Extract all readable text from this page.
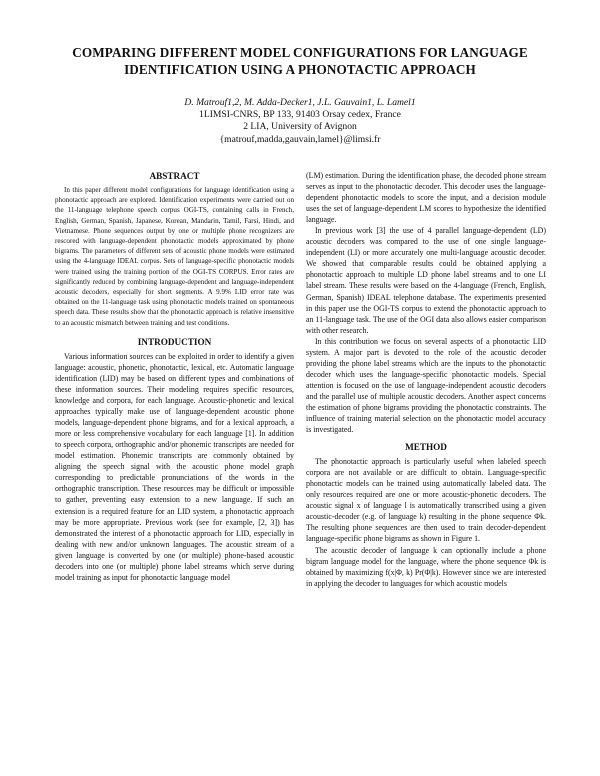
COMPARING DIFFERENT MODEL CONFIGURATIONS FOR LANGUAGE
IDENTIFICATION USING A PHONOTACTIC APPROACH
D. Matrouf1,2, M. Adda-Decker1, J.L. Gauvain1, L. Lamel1
1LIMSI-CNRS, BP 133, 91403 Orsay cedex, France
2 LIA, University of Avignon
{matrouf,madda,gauvain,lamel}@limsi.fr
ABSTRACT

In this paper different model configurations for language identification using a phonotactic approach are explored. Identification experiments were carried out on the 11-language telephone speech corpus OGI-TS, containing calls in French, English, German, Spanish, Japanese, Korean, Mandarin, Tamil, Farsi, Hindi, and Vietnamese. Phone sequences output by one or multiple phone recognizers are rescored with language-dependent phonotactic models approximated by phone bigrams. The parameters of different sets of acoustic phone models were estimated using the 4-language IDEAL corpus. Sets of language-specific phonotactic models were trained using the training portion of the OGI-TS CORPUS. Error rates are significantly reduced by combining language-dependent and language-independent acoustic decoders, especially for short segments. A 9.9% LID error rate was obtained on the 11-language task using phonotactic models trained on spontaneous speech data. These results show that the phonotactic approach is relative insensitive to an acoustic mismatch between training and test conditions.

INTRODUCTION

Various information sources can be exploited in order to identify a given language: acoustic, phonetic, phonotactic, lexical, etc. Automatic language identification (LID) may be based on different types and combinations of these information sources. Their modeling requires specific resources, knowledge and corpora, for each language. Acoustic-phonetic and lexical approaches typically make use of language-dependent acoustic phone models, language-dependent phone bigrams, and for a lexical approach, a more or less comprehensive vocabulary for each language [1]. In addition to speech corpora, orthographic and/or phonemic transcripts are needed for model estimation. Phonemic transcripts are commonly obtained by aligning the speech signal with the acoustic phone model graph corresponding to predictable pronunciations of the words in the orthographic transcription. These resources may be difficult or impossible to gather, preventing easy extension to a new language. If such an extension is a required feature for an LID system, a phonotactic approach may be more appropriate. Previous work (see for example, [2, 3]) has demonstrated the interest of a phonotactic approach for LID, especially in dealing with new and/or unknown languages. The acoustic stream of a given language is converted by one (or multiple) phone-based acoustic decoders into one (or multiple) phone label streams which serve during model training as input for phonotactic language model

(LM) estimation. During the identification phase, the decoded phone stream serves as input to the phonotactic decoder. This decoder uses the language-dependent phonotactic models to score the input, and a decision module uses the set of language-dependent LM scores to hypothesize the identified language.

In previous work [3] the use of 4 parallel language-dependent (LD) acoustic decoders was compared to the use of one single language-independent (LI) or more accurately one multi-language acoustic decoder. We showed that comparable results could be obtained applying a phonotactic approach to multiple LD phone label streams and to one LI label stream. These results were based on the 4-language (French, English, German, Spanish) IDEAL telephone database. The experiments presented in this paper use the OGI-TS corpus to extend the phonotactic approach to an 11-language task. The use of the OGI data also allows easier comparison with other research.

In this contribution we focus on several aspects of a phonotactic LID system. A major part is devoted to the role of the acoustic decoder providing the phone label streams which are the inputs to the phonotactic decoder which uses the language-specific phonotactic models. Special attention is focused on the use of language-independent acoustic decoders and the parallel use of multiple acoustic decoders. Another aspect concerns the estimation of phone bigrams providing the phonotactic constraints. The influence of training material selection on the phonotactic model accuracy is investigated.

METHOD

The phonotactic approach is particularly useful when labeled speech corpora are not available or are difficult to obtain. Language-specific phonotactic models can be trained using automatically labeled data. The only resources required are one or more acoustic-phonetic decoders. The acoustic signal x of language l is automatically transcribed using a given acoustic-decoder (e.g. of language k) resulting in the phone sequence Φk. The resulting phone sequences are then used to train decoder-dependent language-specific phone bigrams as shown in Figure 1.

The acoustic decoder of language k can optionally include a phone bigram language model for the language, where the phone sequence Φk is obtained by maximizing f(x|Φ, k) Pr(Φ|k). However since we are interested in applying the decoder to languages for which acoustic models
